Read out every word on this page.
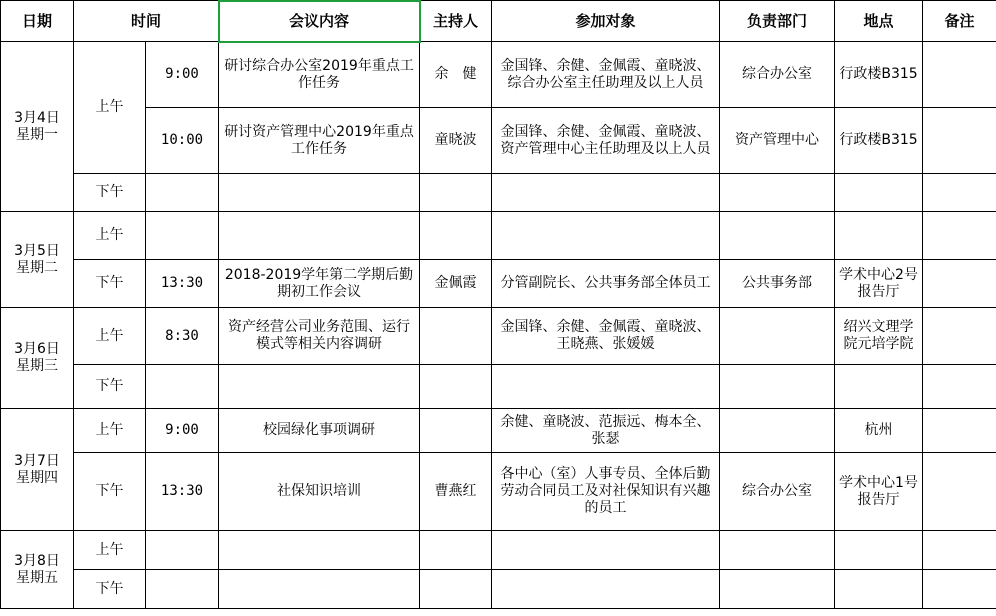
日期	时间		会议内容	主持人	参加对象	负责部门	地点	备注

3月4日
星期一	上午	9:00	研讨综合办公室2019年重点工作任务	余　健	金国锋、余健、金佩霞、童晓波、综合办公室主任助理及以上人员	综合办公室	行政楼B315	
		10:00	研讨资产管理中心2019年重点工作任务	童晓波	金国锋、余健、金佩霞、童晓波、资产管理中心主任助理及以上人员	资产管理中心	行政楼B315	
	下午							

3月5日
星期二	上午							
	下午	13:30	2018-2019学年第二学期后勤期初工作会议	金佩霞	分管副院长、公共事务部全体员工	公共事务部	学术中心2号报告厅	

3月6日
星期三	上午	8:30	资产经营公司业务范围、运行模式等相关内容调研		金国锋、余健、金佩霞、童晓波、王晓燕、张媛媛		绍兴文理学院元培学院	
	下午							

3月7日
星期四	上午	9:00	校园绿化事项调研		余健、童晓波、范振远、梅本全、张瑟		杭州	
	下午	13:30	社保知识培训	曹燕红	各中心（室）人事专员、全体后勤劳动合同员工及对社保知识有兴趣的员工	综合办公室	学术中心1号报告厅	

3月8日
星期五	上午							
	下午							
